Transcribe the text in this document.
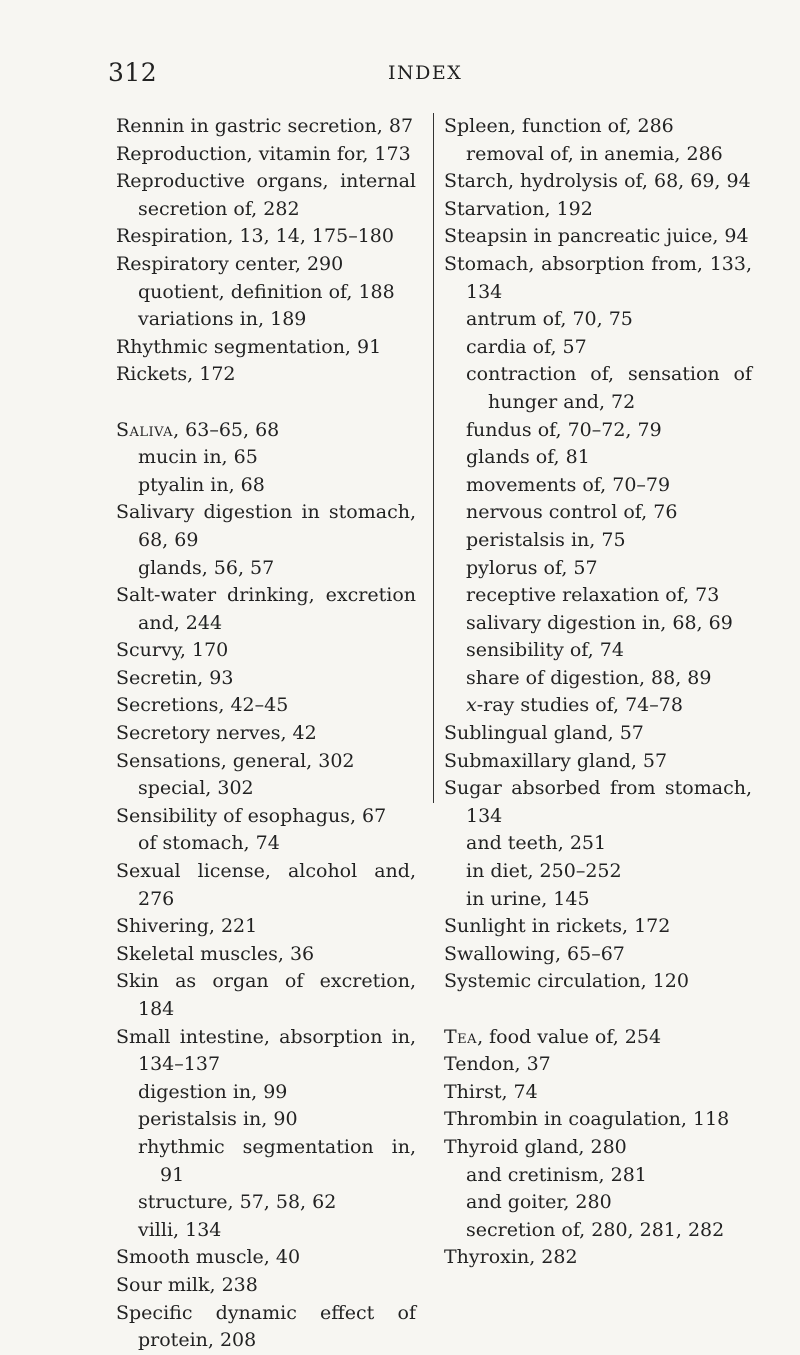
312	INDEX

Rennin in gastric secretion, 87

Reproduction, vitamin for, 173

Reproductive organs, internal secretion of, 282

Respiration, 13, 14, 175–180

Respiratory center, 290

quotient, definition of, 188

variations in, 189

Rhythmic segmentation, 91

Rickets, 172

Saliva, 63–65, 68

mucin in, 65

ptyalin in, 68

Salivary digestion in stomach, 68, 69

glands, 56, 57

Salt-water drinking, excretion and, 244

Scurvy, 170

Secretin, 93

Secretions, 42–45

Secretory nerves, 42

Sensations, general, 302

special, 302

Sensibility of esophagus, 67

of stomach, 74

Sexual license, alcohol and, 276

Shivering, 221

Skeletal muscles, 36

Skin as organ of excretion, 184

Small intestine, absorption in, 134–137

digestion in, 99

peristalsis in, 90

rhythmic segmentation in, 91

structure, 57, 58, 62

villi, 134

Smooth muscle, 40

Sour milk, 238

Specific dynamic effect of protein, 208

Spleen, function of, 286

removal of, in anemia, 286

Starch, hydrolysis of, 68, 69, 94

Starvation, 192

Steapsin in pancreatic juice, 94

Stomach, absorption from, 133, 134

antrum of, 70, 75

cardia of, 57

contraction of, sensation of hunger and, 72

fundus of, 70–72, 79

glands of, 81

movements of, 70–79

nervous control of, 76

peristalsis in, 75

pylorus of, 57

receptive relaxation of, 73

salivary digestion in, 68, 69

sensibility of, 74

share of digestion, 88, 89

x-ray studies of, 74–78

Sublingual gland, 57

Submaxillary gland, 57

Sugar absorbed from stomach, 134

and teeth, 251

in diet, 250–252

in urine, 145

Sunlight in rickets, 172

Swallowing, 65–67

Systemic circulation, 120

Tea, food value of, 254

Tendon, 37

Thirst, 74

Thrombin in coagulation, 118

Thyroid gland, 280

and cretinism, 281

and goiter, 280

secretion of, 280, 281, 282

Thyroxin, 282
